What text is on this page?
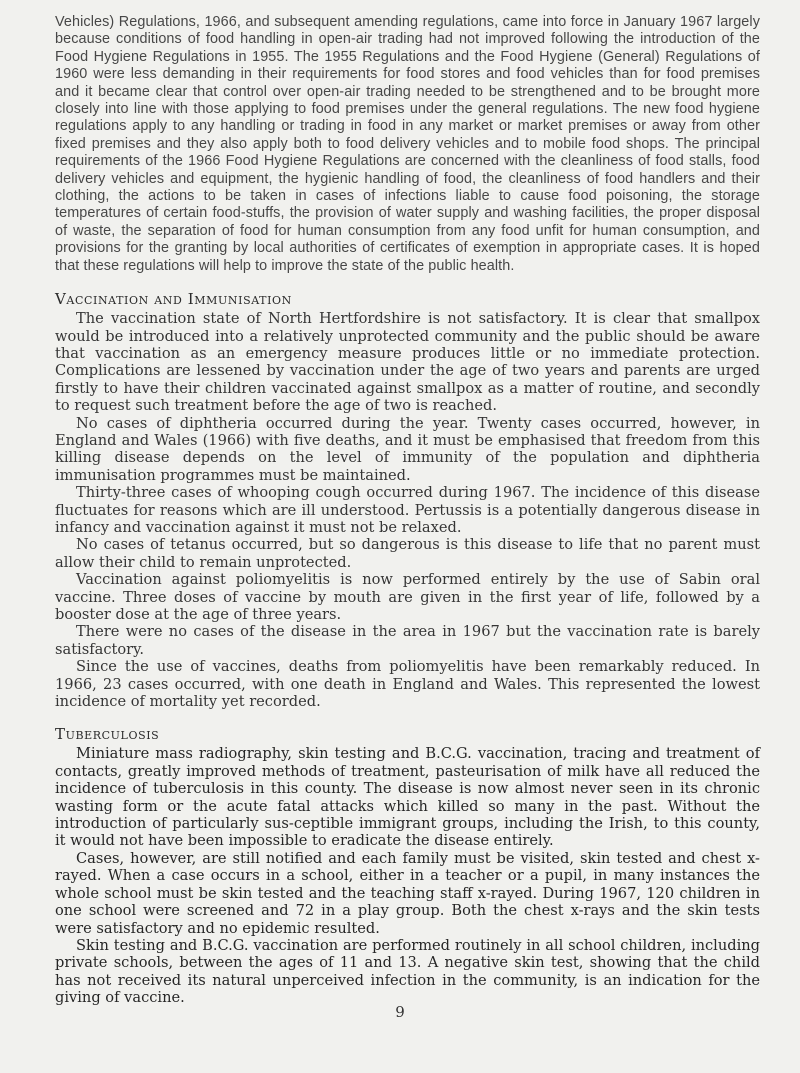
Vehicles) Regulations, 1966, and subsequent amending regulations, came into force in January 1967 largely because conditions of food handling in open-air trading had not improved following the introduction of the Food Hygiene Regulations in 1955. The 1955 Regulations and the Food Hygiene (General) Regulations of 1960 were less demanding in their requirements for food stores and food vehicles than for food premises and it became clear that control over open-air trading needed to be strengthened and to be brought more closely into line with those applying to food premises under the general regulations. The new food hygiene regulations apply to any handling or trading in food in any market or market premises or away from other fixed premises and they also apply both to food delivery vehicles and to mobile food shops. The principal requirements of the 1966 Food Hygiene Regulations are concerned with the cleanliness of food stalls, food delivery vehicles and equipment, the hygienic handling of food, the cleanliness of food handlers and their clothing, the actions to be taken in cases of infections liable to cause food poisoning, the storage temperatures of certain food-stuffs, the provision of water supply and washing facilities, the proper disposal of waste, the separation of food for human consumption from any food unfit for human consumption, and provisions for the granting by local authorities of certificates of exemption in appropriate cases. It is hoped that these regulations will help to improve the state of the public health.

Vaccination and Immunisation

The vaccination state of North Hertfordshire is not satisfactory. It is clear that smallpox would be introduced into a relatively unprotected community and the public should be aware that vaccination as an emergency measure produces little or no immediate protection. Complications are lessened by vaccination under the age of two years and parents are urged firstly to have their children vaccinated against smallpox as a matter of routine, and secondly to request such treatment before the age of two is reached.

No cases of diphtheria occurred during the year. Twenty cases occurred, however, in England and Wales (1966) with five deaths, and it must be emphasised that freedom from this killing disease depends on the level of immunity of the population and diphtheria immunisation programmes must be maintained.

Thirty-three cases of whooping cough occurred during 1967. The incidence of this disease fluctuates for reasons which are ill understood. Pertussis is a potentially dangerous disease in infancy and vaccination against it must not be relaxed.

No cases of tetanus occurred, but so dangerous is this disease to life that no parent must allow their child to remain unprotected.

Vaccination against poliomyelitis is now performed entirely by the use of Sabin oral vaccine. Three doses of vaccine by mouth are given in the first year of life, followed by a booster dose at the age of three years.

There were no cases of the disease in the area in 1967 but the vaccination rate is barely satisfactory.

Since the use of vaccines, deaths from poliomyelitis have been remarkably reduced. In 1966, 23 cases occurred, with one death in England and Wales. This represented the lowest incidence of mortality yet recorded.

Tuberculosis

Miniature mass radiography, skin testing and B.C.G. vaccination, tracing and treatment of contacts, greatly improved methods of treatment, pasteurisation of milk have all reduced the incidence of tuberculosis in this county. The disease is now almost never seen in its chronic wasting form or the acute fatal attacks which killed so many in the past. Without the introduction of particularly sus-ceptible immigrant groups, including the Irish, to this county, it would not have been impossible to eradicate the disease entirely.

Cases, however, are still notified and each family must be visited, skin tested and chest x-rayed. When a case occurs in a school, either in a teacher or a pupil, in many instances the whole school must be skin tested and the teaching staff x-rayed. During 1967, 120 children in one school were screened and 72 in a play group. Both the chest x-rays and the skin tests were satisfactory and no epidemic resulted.

Skin testing and B.C.G. vaccination are performed routinely in all school children, including private schools, between the ages of 11 and 13. A negative skin test, showing that the child has not received its natural unperceived infection in the community, is an indication for the giving of vaccine.

9
